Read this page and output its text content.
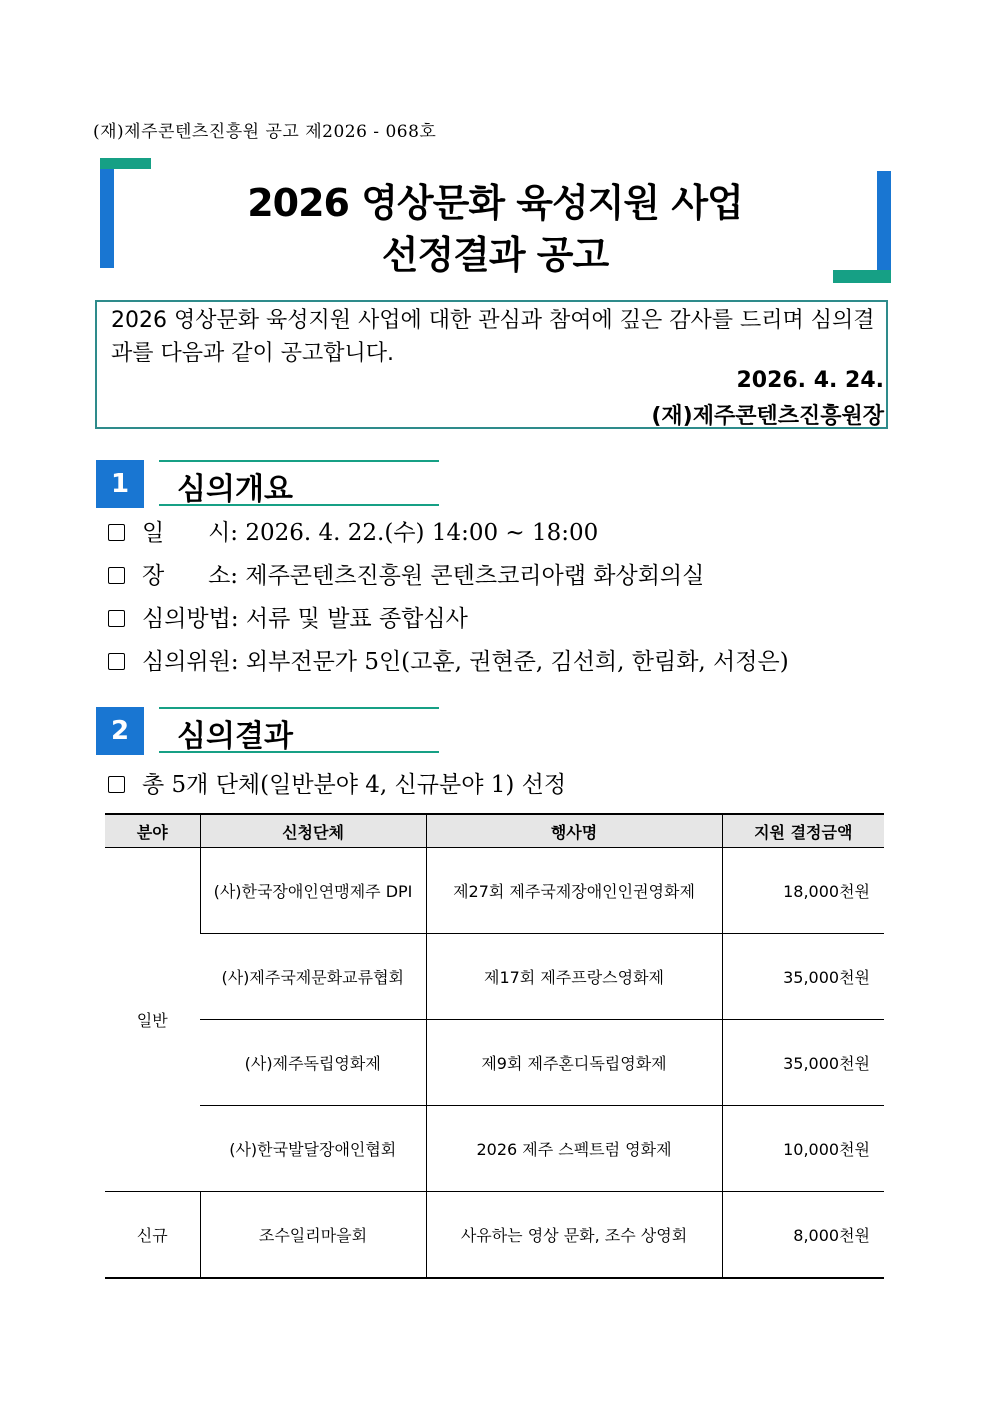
(재)제주콘텐츠진흥원 공고 제2026 - 068호
2026 영상문화 육성지원 사업
선정결과 공고
2026 영상문화 육성지원 사업에 대한 관심과 참여에 깊은 감사를 드리며 심의결과를 다음과 같이 공고합니다.
2026. 4. 24.
(재)제주콘텐츠진흥원장
1	심의개요
일      시: 2026. 4. 22.(수) 14:00 ~ 18:00
장      소: 제주콘텐츠진흥원 콘텐츠코리아랩 화상회의실
심의방법: 서류 및 발표 종합심사
심의위원: 외부전문가 5인(고훈, 권현준, 김선희, 한림화, 서정은)
2	심의결과
총 5개 단체(일반분야 4, 신규분야 1) 선정
분야	신청단체	행사명	지원 결정금액
일반	(사)한국장애인연맹제주 DPI	제27회 제주국제장애인인권영화제	18,000천원
	(사)제주국제문화교류협회	제17회 제주프랑스영화제	35,000천원
	(사)제주독립영화제	제9회 제주혼디독립영화제	35,000천원
	(사)한국발달장애인협회	2026 제주 스펙트럼 영화제	10,000천원
신규	조수일리마을회	사유하는 영상 문화, 조수 상영회	8,000천원
